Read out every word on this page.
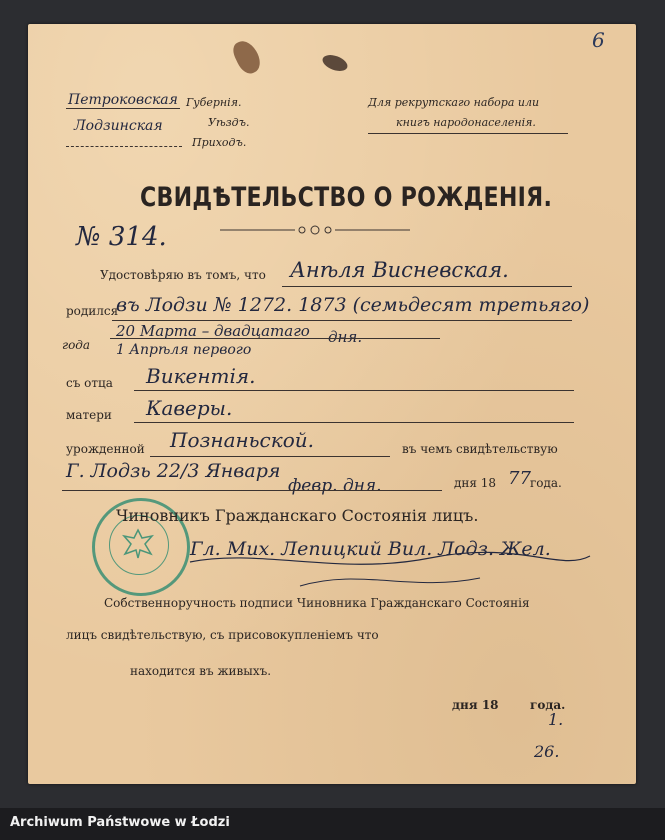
6
Петроковская Губернія.
Уѣздъ.
Лодзинская
Приходъ.
Для рекрутскаго набора или
книгъ народонаселенія.
СВИДѢТЕЛЬСТВО О РОЖДЕНІЯ.
№ 314.
Удостовѣряю въ томъ, что Анѣля Висневская.
родился
въ Лодзи № 1272. 1873 (семьдесят третьяго)
года
20 Марта – двадцатаго
1 Апрѣля первого
дня.
съ отца Викентія.
матери Каверы.
урожденной Познаньской.	въ чемъ свидѣтельствую
Г. Лодзь 22/3 Января
февр. дня.	дня 18 77 года.
Чиновникъ Гражданскаго Состоянія лицъ.
Гл. Мих. Лепицкий Вил. Лодз. Жел.
Собственноручность подписи Чиновника Гражданскаго Состоянія
лицъ свидѣтельствую, съ присовокупленіемъ что
находится въ живыхъ.
дня 18	года.
1.
26.
Archiwum Państwowe w Łodzi
